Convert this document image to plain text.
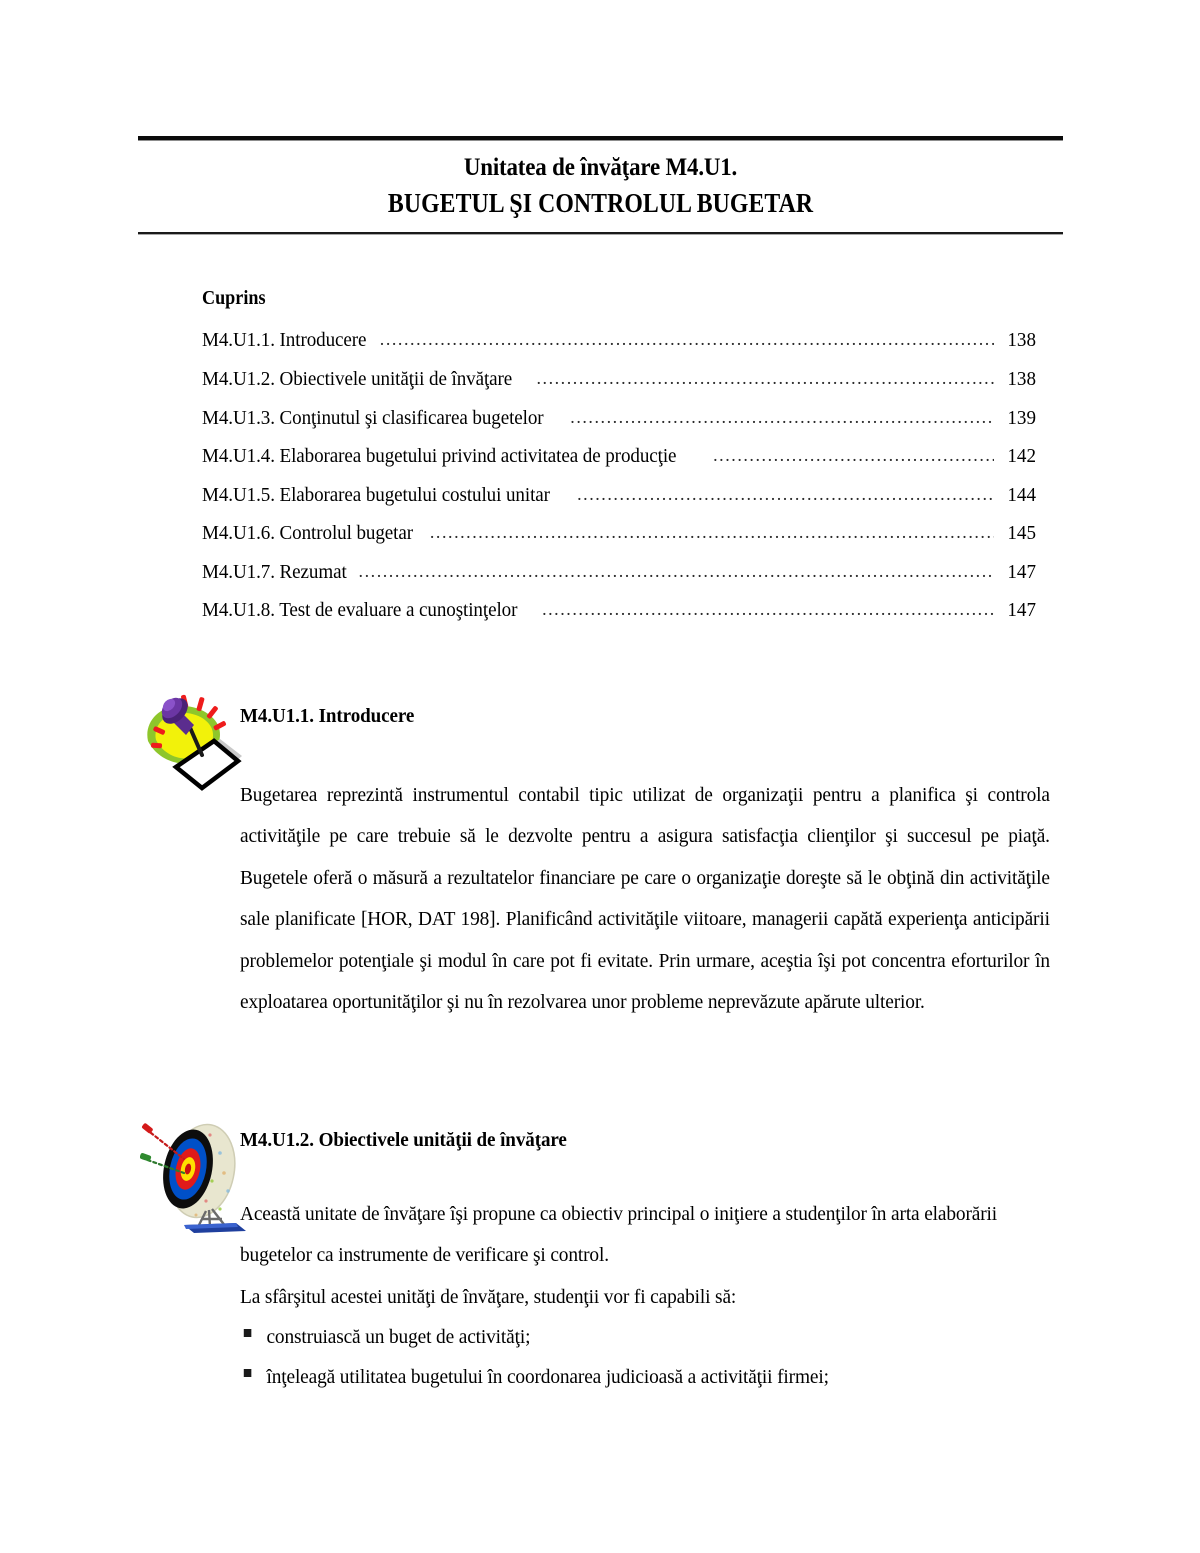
Unitatea de învăţare M4.U1.
BUGETUL ŞI CONTROLUL BUGETAR
Cuprins
M4.U1.1. Introducere .....	138
M4.U1.2. Obiectivele unităţii de învăţare .....	138
M4.U1.3. Conţinutul şi clasificarea bugetelor .....	139
M4.U1.4. Elaborarea bugetului privind activitatea de producţie .....	142
M4.U1.5. Elaborarea bugetului costului unitar .....	144
M4.U1.6. Controlul bugetar .....	145
M4.U1.7. Rezumat .....	147
M4.U1.8. Test de evaluare a cunoştinţelor .....	147
M4.U1.1. Introducere

Bugetarea reprezintă instrumentul contabil tipic utilizat de organizaţii pentru a planifica şi controla activităţile pe care trebuie să le dezvolte pentru a asigura satisfacţia clienţilor şi succesul pe piaţă. Bugetele oferă o măsură a rezultatelor financiare pe care o organizaţie doreşte să le obţină din activităţile sale planificate [HOR, DAT 198]. Planificând activităţile viitoare, managerii capătă experienţa anticipării problemelor potenţiale şi modul în care pot fi evitate. Prin urmare, aceştia îşi pot concentra eforturilor în exploatarea oportunităţilor şi nu în rezolvarea unor probleme neprevăzute apărute ulterior.

M4.U1.2. Obiectivele unităţii de învăţare

Această unitate de învăţare îşi propune ca obiectiv principal o iniţiere a studenţilor în arta elaborării bugetelor ca instrumente de verificare şi control.

La sfârşitul acestei unităţi de învăţare, studenţii vor fi capabili să:

construiască un buget de activităţi;
înţeleagă utilitatea bugetului în coordonarea judicioasă a activităţii firmei;
